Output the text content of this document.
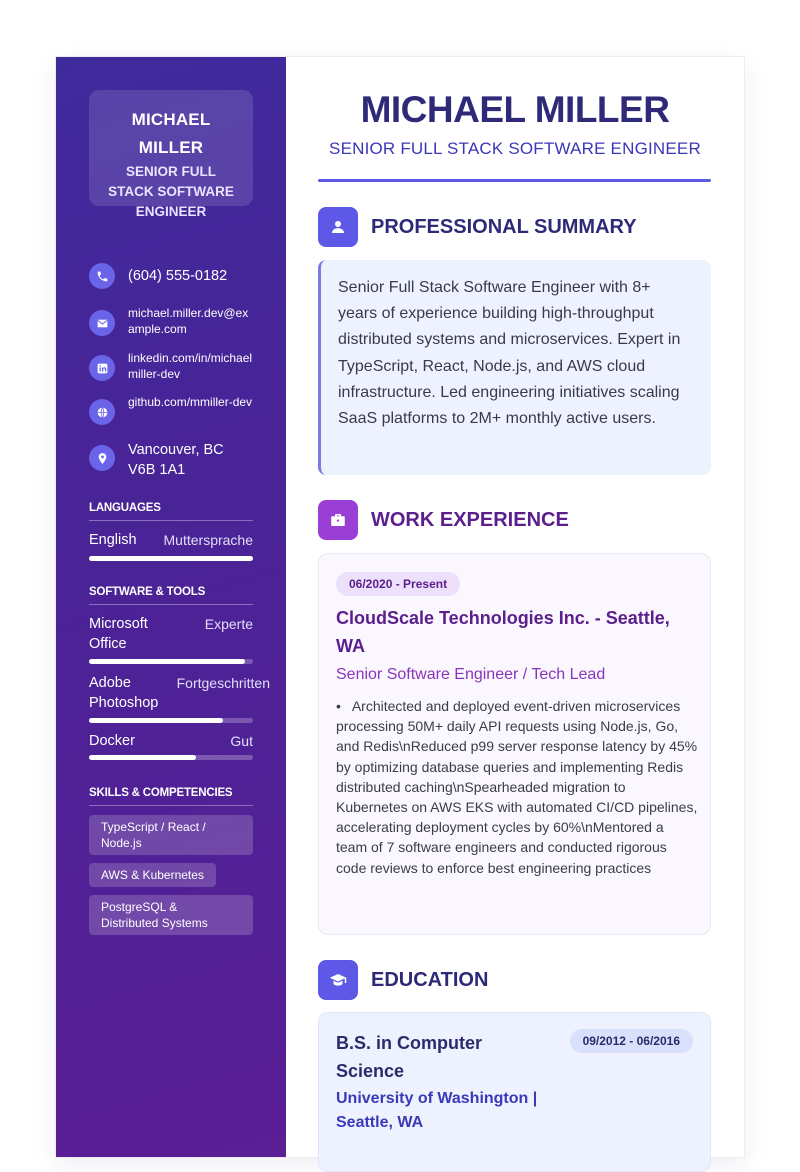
MICHAEL
MILLER
SENIOR FULL
STACK SOFTWARE
ENGINEER
(604) 555-0182
michael.miller.dev@example.com
linkedin.com/in/michaelmiller-dev
github.com/mmiller-dev
Vancouver, BC
V6B 1A1
LANGUAGES
English Muttersprache
SOFTWARE & TOOLS
Microsoft
Office
Experte
Adobe
Photoshop
Fortgeschritten
Docker	Gut
SKILLS & COMPETENCIES
TypeScript / React /
Node.js
AWS & Kubernetes
PostgreSQL &
Distributed Systems
MICHAEL MILLER
SENIOR FULL STACK SOFTWARE ENGINEER
PROFESSIONAL SUMMARY
Senior Full Stack Software Engineer with 8+ years of experience building high-throughput distributed systems and microservices. Expert in TypeScript, React, Node.js, and AWS cloud infrastructure. Led engineering initiatives scaling SaaS platforms to 2M+ monthly active users.
WORK EXPERIENCE
06/2020 - Present
CloudScale Technologies Inc. - Seattle, WA
Senior Software Engineer / Tech Lead
• Architected and deployed event-driven microservices processing 50M+ daily API requests using Node.js, Go, and Redis\nReduced p99 server response latency by 45% by optimizing database queries and implementing Redis distributed caching\nSpearheaded migration to Kubernetes on AWS EKS with automated CI/CD pipelines, accelerating deployment cycles by 60%\nMentored a team of 7 software engineers and conducted rigorous code reviews to enforce best engineering practices
EDUCATION
B.S. in Computer Science
09/2012 - 06/2016
University of Washington |
Seattle, WA
